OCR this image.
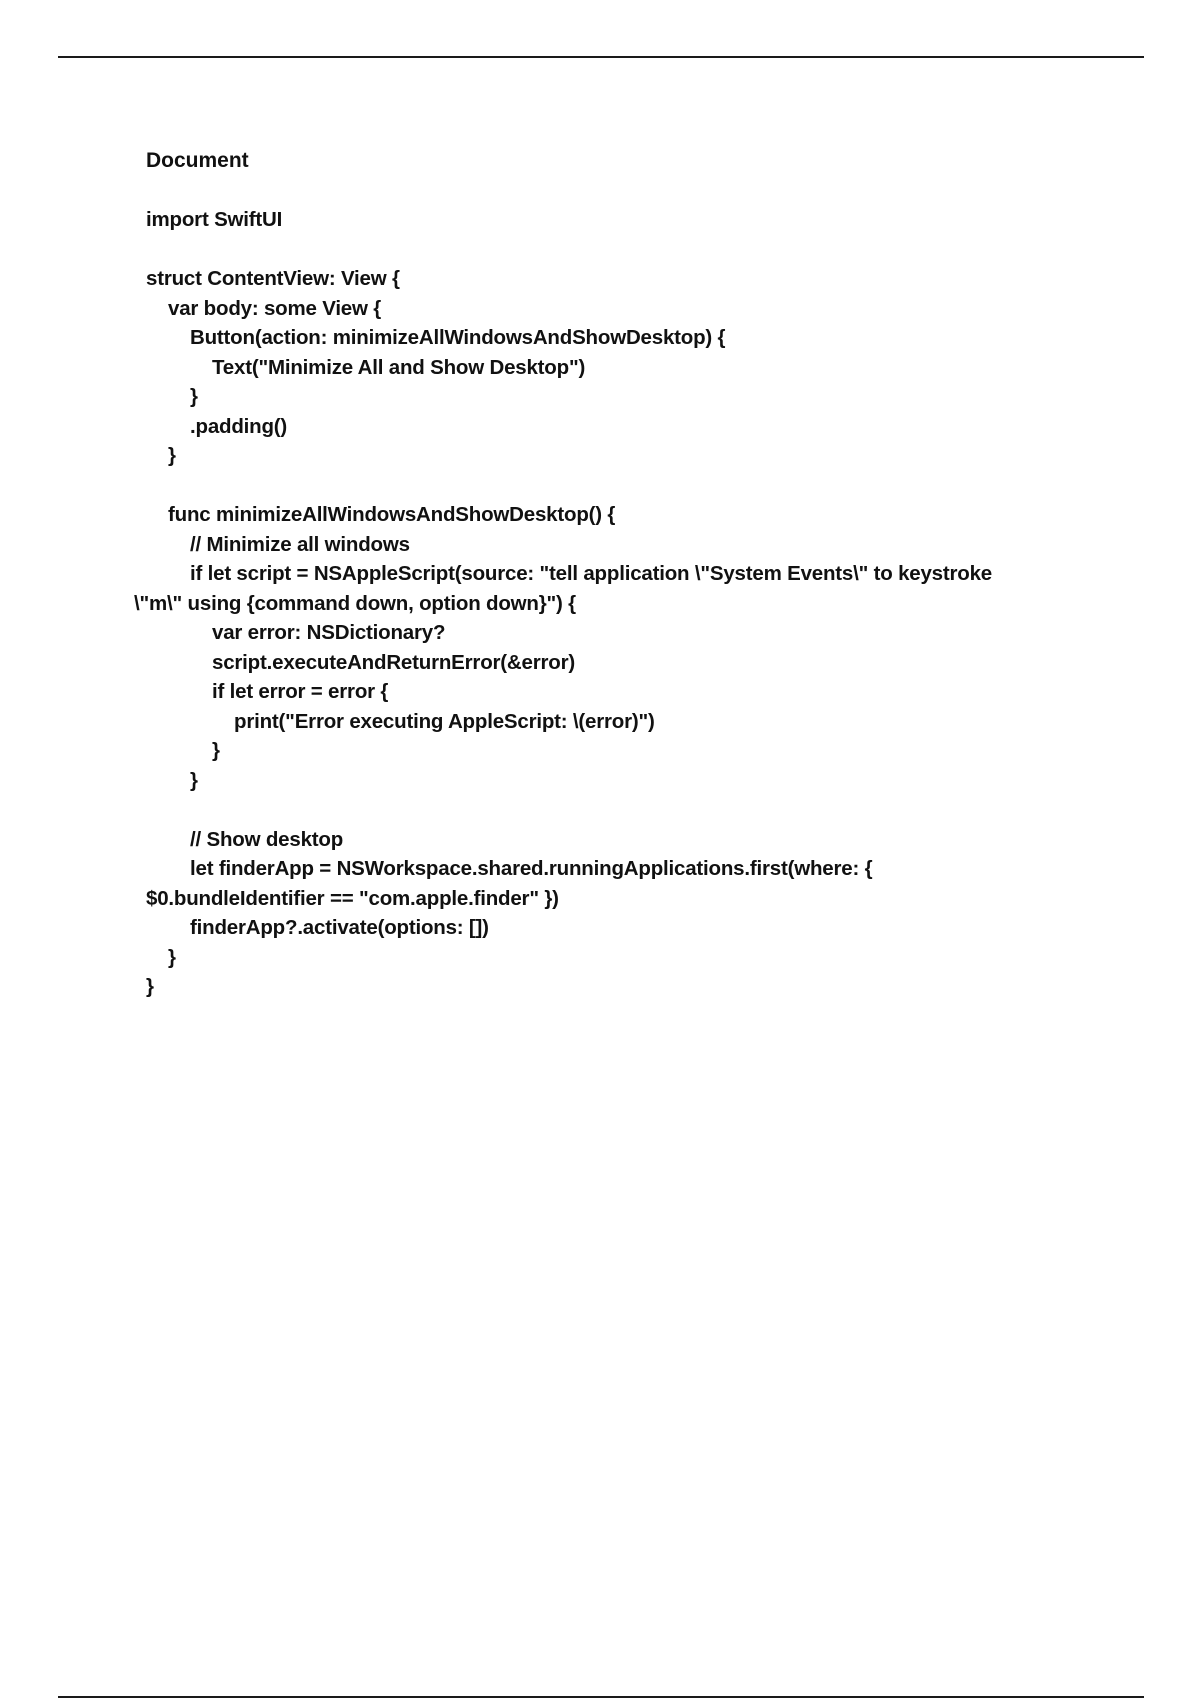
Document
import SwiftUI
struct ContentView: View {
var body: some View {
Button(action: minimizeAllWindowsAndShowDesktop) {
Text("Minimize All and Show Desktop")
}
.padding()
}
func minimizeAllWindowsAndShowDesktop() {
// Minimize all windows
if let script = NSAppleScript(source: "tell application \"System Events\" to keystroke
\"m\" using {command down, option down}") {
var error: NSDictionary?
script.executeAndReturnError(&error)
if let error = error {
print("Error executing AppleScript: \(error)")
}
}
// Show desktop
let finderApp = NSWorkspace.shared.runningApplications.first(where: {
$0.bundleIdentifier == "com.apple.finder" })
finderApp?.activate(options: [])
}
}
